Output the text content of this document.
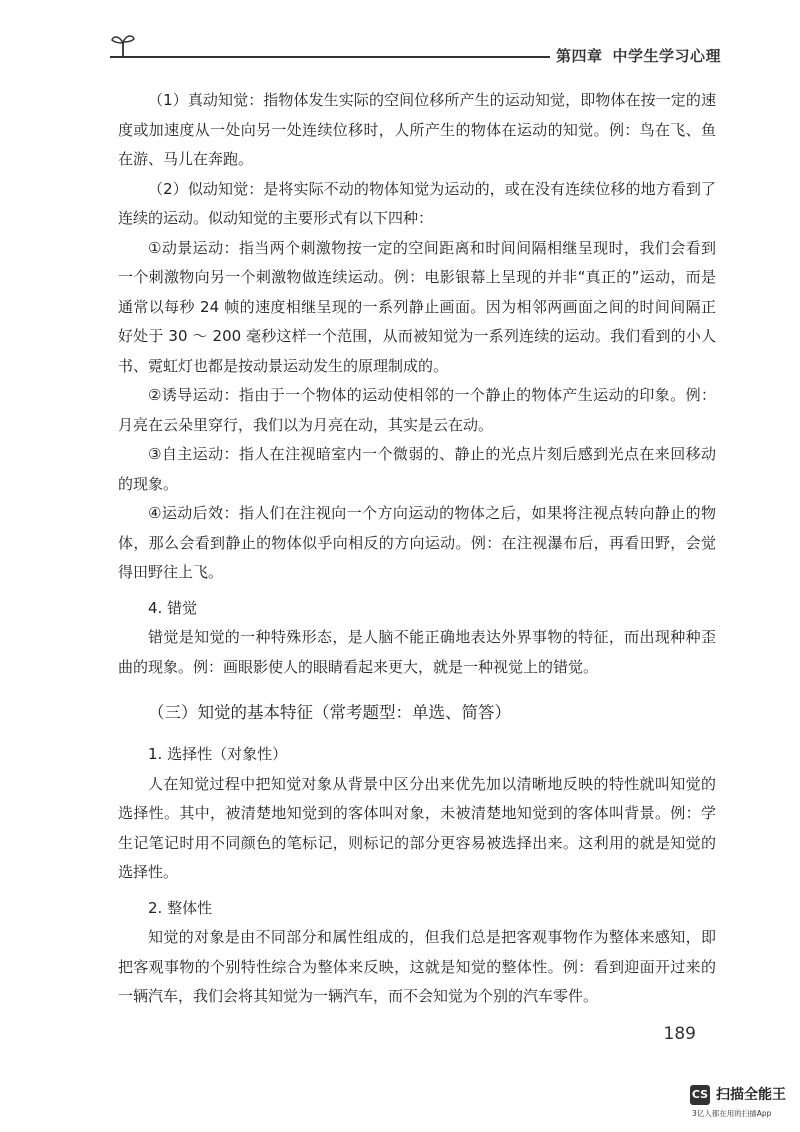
第四章 中学生学习心理

（1）真动知觉：指物体发生实际的空间位移所产生的运动知觉，即物体在按一定的速度或加速度从一处向另一处连续位移时，人所产生的物体在运动的知觉。例：鸟在飞、鱼在游、马儿在奔跑。

（2）似动知觉：是将实际不动的物体知觉为运动的，或在没有连续位移的地方看到了连续的运动。似动知觉的主要形式有以下四种：

①动景运动：指当两个刺激物按一定的空间距离和时间间隔相继呈现时，我们会看到一个刺激物向另一个刺激物做连续运动。例：电影银幕上呈现的并非“真正的”运动，而是通常以每秒 24 帧的速度相继呈现的一系列静止画面。因为相邻两画面之间的时间间隔正好处于 30 ～ 200 毫秒这样一个范围，从而被知觉为一系列连续的运动。我们看到的小人书、霓虹灯也都是按动景运动发生的原理制成的。

②诱导运动：指由于一个物体的运动使相邻的一个静止的物体产生运动的印象。例：月亮在云朵里穿行，我们以为月亮在动，其实是云在动。

③自主运动：指人在注视暗室内一个微弱的、静止的光点片刻后感到光点在来回移动的现象。

④运动后效：指人们在注视向一个方向运动的物体之后，如果将注视点转向静止的物体，那么会看到静止的物体似乎向相反的方向运动。例：在注视瀑布后，再看田野，会觉得田野往上飞。

4. 错觉

错觉是知觉的一种特殊形态，是人脑不能正确地表达外界事物的特征，而出现种种歪曲的现象。例：画眼影使人的眼睛看起来更大，就是一种视觉上的错觉。

（三）知觉的基本特征（常考题型：单选、简答）

1. 选择性（对象性）

人在知觉过程中把知觉对象从背景中区分出来优先加以清晰地反映的特性就叫知觉的选择性。其中，被清楚地知觉到的客体叫对象，未被清楚地知觉到的客体叫背景。例：学生记笔记时用不同颜色的笔标记，则标记的部分更容易被选择出来。这利用的就是知觉的选择性。

2. 整体性

知觉的对象是由不同部分和属性组成的，但我们总是把客观事物作为整体来感知，即把客观事物的个别特性综合为整体来反映，这就是知觉的整体性。例：看到迎面开过来的一辆汽车，我们会将其知觉为一辆汽车，而不会知觉为个别的汽车零件。

189
CS 扫描全能王
3亿人都在用的扫描App
